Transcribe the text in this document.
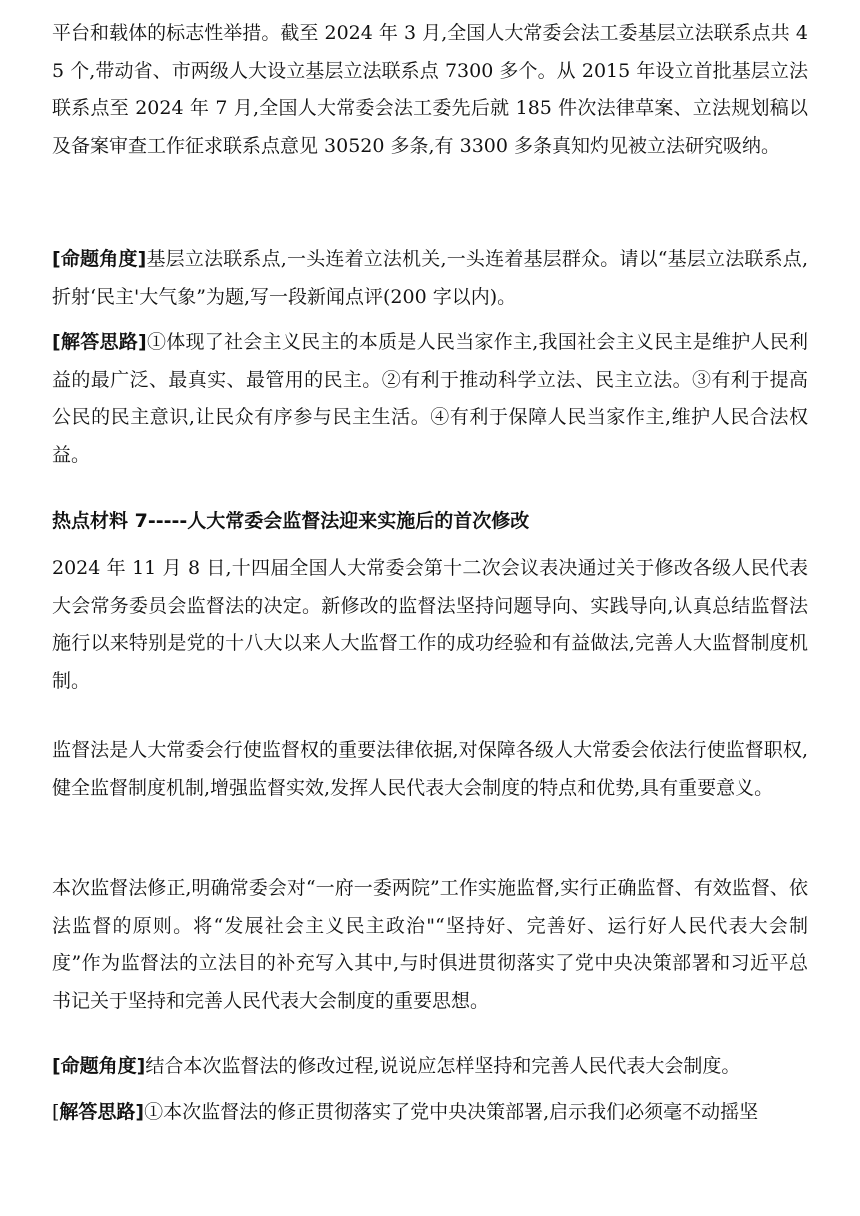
平台和载体的标志性举措。截至 2024 年 3 月,全国人大常委会法工委基层立法联系点共 45 个,带动省、市两级人大设立基层立法联系点 7300 多个。从 2015 年设立首批基层立法联系点至 2024 年 7 月,全国人大常委会法工委先后就 185 件次法律草案、立法规划稿以及备案审查工作征求联系点意见 30520 多条,有 3300 多条真知灼见被立法研究吸纳。

[命题角度]基层立法联系点,一头连着立法机关,一头连着基层群众。请以“基层立法联系点,折射‘民主'大气象”为题,写一段新闻点评(200 字以内)。

[解答思路]①体现了社会主义民主的本质是人民当家作主,我国社会主义民主是维护人民利益的最广泛、最真实、最管用的民主。②有利于推动科学立法、民主立法。③有利于提高公民的民主意识,让民众有序参与民主生活。④有利于保障人民当家作主,维护人民合法权益。

热点材料 7-----人大常委会监督法迎来实施后的首次修改

2024 年 11 月 8 日,十四届全国人大常委会第十二次会议表决通过关于修改各级人民代表大会常务委员会监督法的决定。新修改的监督法坚持问题导向、实践导向,认真总结监督法施行以来特别是党的十八大以来人大监督工作的成功经验和有益做法,完善人大监督制度机制。

监督法是人大常委会行使监督权的重要法律依据,对保障各级人大常委会依法行使监督职权,健全监督制度机制,增强监督实效,发挥人民代表大会制度的特点和优势,具有重要意义。

本次监督法修正,明确常委会对“一府一委两院”工作实施监督,实行正确监督、有效监督、依法监督的原则。将“发展社会主义民主政治"“坚持好、完善好、运行好人民代表大会制度”作为监督法的立法目的补充写入其中,与时俱进贯彻落实了党中央决策部署和习近平总书记关于坚持和完善人民代表大会制度的重要思想。

[命题角度]结合本次监督法的修改过程,说说应怎样坚持和完善人民代表大会制度。

[解答思路]①本次监督法的修正贯彻落实了党中央决策部署,启示我们必须毫不动摇坚
